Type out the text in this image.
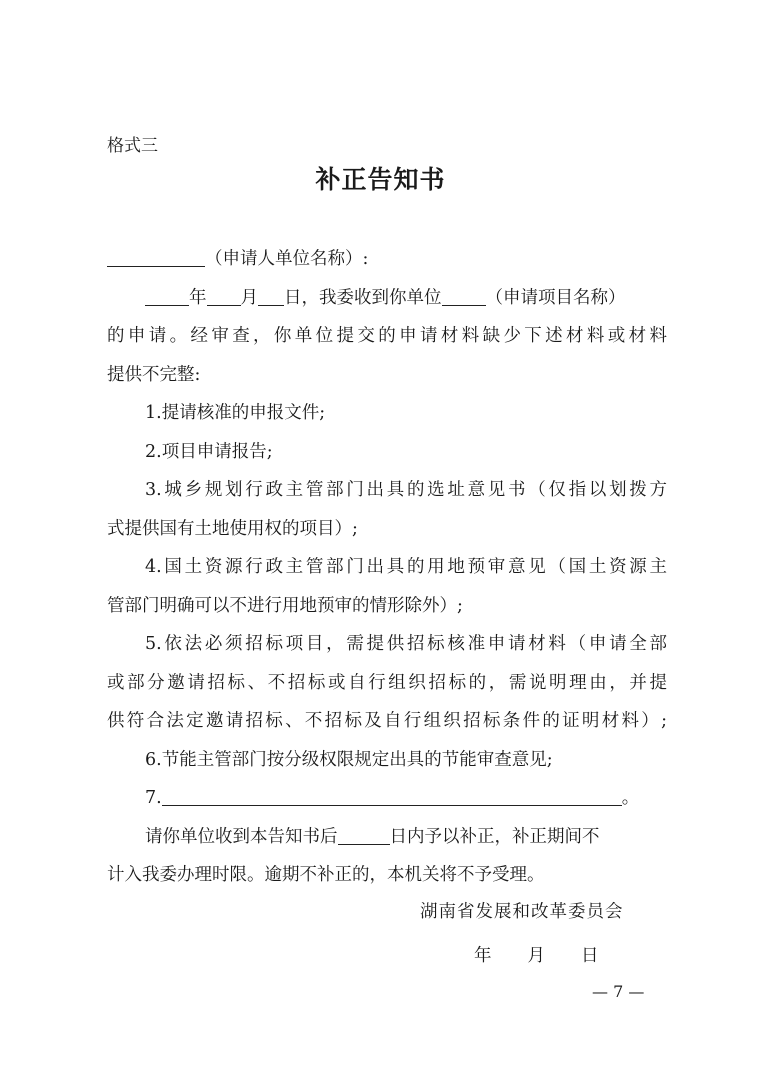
格式三
补正告知书
（申请人单位名称）:
年 月 日，我委收到你单位	（申请项目名称）
的申请。经审查，你单位提交的申请材料缺少下述材料或材料
提供不完整:
1.提请核准的申报文件;
2.项目申请报告;
3.城乡规划行政主管部门出具的选址意见书（仅指以划拨方
式提供国有土地使用权的项目）;
4.国土资源行政主管部门出具的用地预审意见（国土资源主
管部门明确可以不进行用地预审的情形除外）;
5.依法必须招标项目，需提供招标核准申请材料（申请全部
或部分邀请招标、不招标或自行组织招标的，需说明理由，并提
供符合法定邀请招标、不招标及自行组织招标条件的证明材料）;
6.节能主管部门按分级权限规定出具的节能审查意见;
7.	。
请你单位收到本告知书后	日内予以补正，补正期间不
计入我委办理时限。逾期不补正的，本机关将不予受理。
湖南省发展和改革委员会
年 月 日
— 7 —
